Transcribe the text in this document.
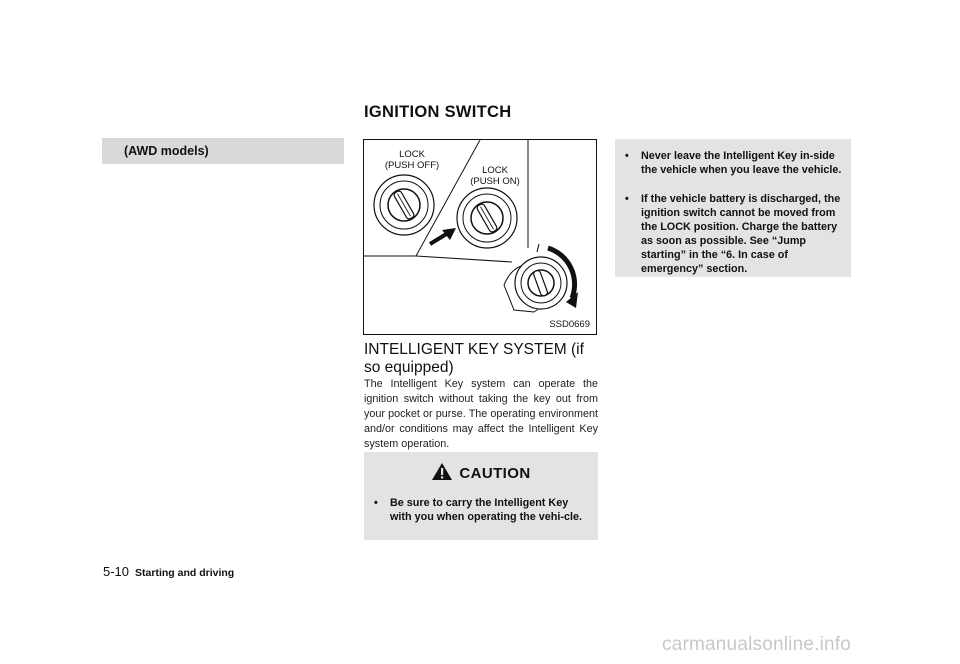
IGNITION SWITCH
(AWD models)	LOCK
(PUSH OFF)	LOCK
(PUSH ON)
SSD0669
INTELLIGENT KEY SYSTEM (if so equipped)
The Intelligent Key system can operate the ignition switch without taking the key out from your pocket or purse. The operating environment and/or conditions may affect the Intelligent Key system operation.
CAUTION
• Be sure to carry the Intelligent Key with you when operating the vehi-cle.
• Never leave the Intelligent Key in-side the vehicle when you leave the vehicle.
• If the vehicle battery is discharged, the ignition switch cannot be moved from the LOCK position. Charge the battery as soon as possible. See “Jump starting” in the “6. In case of emergency” section.
5-10 Starting and driving
carmanualsonline.info
